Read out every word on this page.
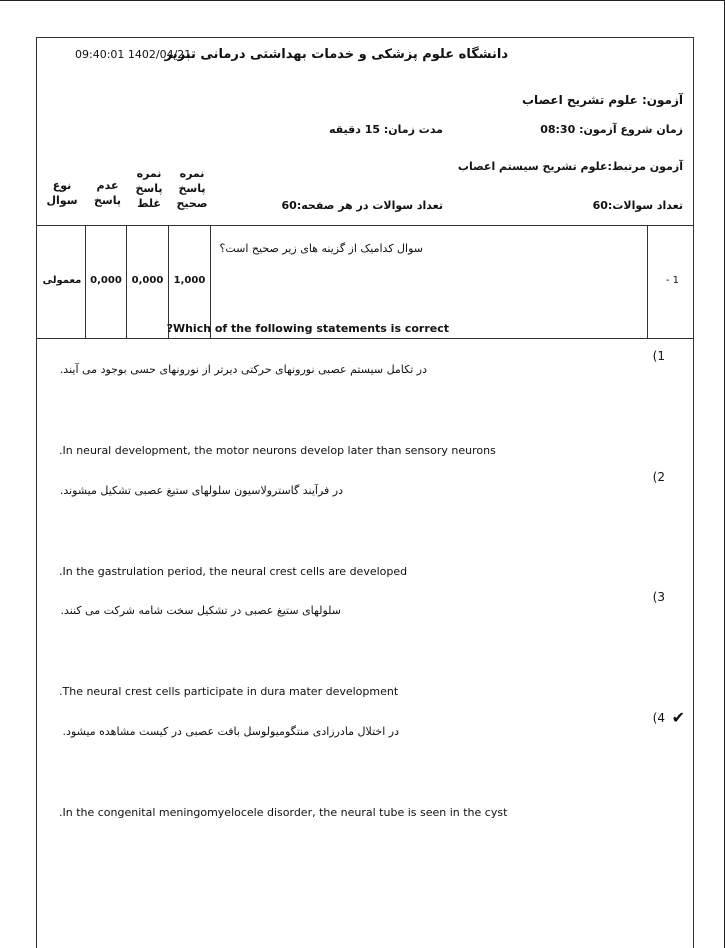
دانشگاه علوم پزشکی و خدمات بهداشتی درمانی تبریز
09:40:01 1402/04/21
آزمون: علوم تشریح اعصاب
زمان شروع آزمون: 08:30
مدت زمان: 15 دقیقه
آزمون مرتبط:علوم تشریح سیستم اعصاب
تعداد سوالات:60
تعداد سوالات در هر صفحه:60
نمره
پاسخ
صحیح
نمره
پاسخ
غلط
عدم
پاسخ
نوع
سوال
معمولی 0,000 0,000	1,000
سوال کدامیک از گزینه های زیر صحیح است؟
?Which of the following statements is correct
- 1
(1
در تکامل سیستم عصبی نورونهای حرکتی دیرتر از نورونهای حسی بوجود می آیند.
.In neural development, the motor neurons develop later than sensory neurons
(2
در فرآیند گاسترولاسیون سلولهای ستیغ عصبی تشکیل میشوند.
.In the gastrulation period, the neural crest cells are developed
(3
سلولهای ستیغ عصبی در تشکیل سخت شامه شرکت می کنند.
.The neural crest cells participate in dura mater development
✔
(4
در اختلال مادرزادی منتگومیولوسل بافت عصبی در کیست مشاهده میشود.
.In the congenital meningomyelocele disorder, the neural tube is seen in the cyst
